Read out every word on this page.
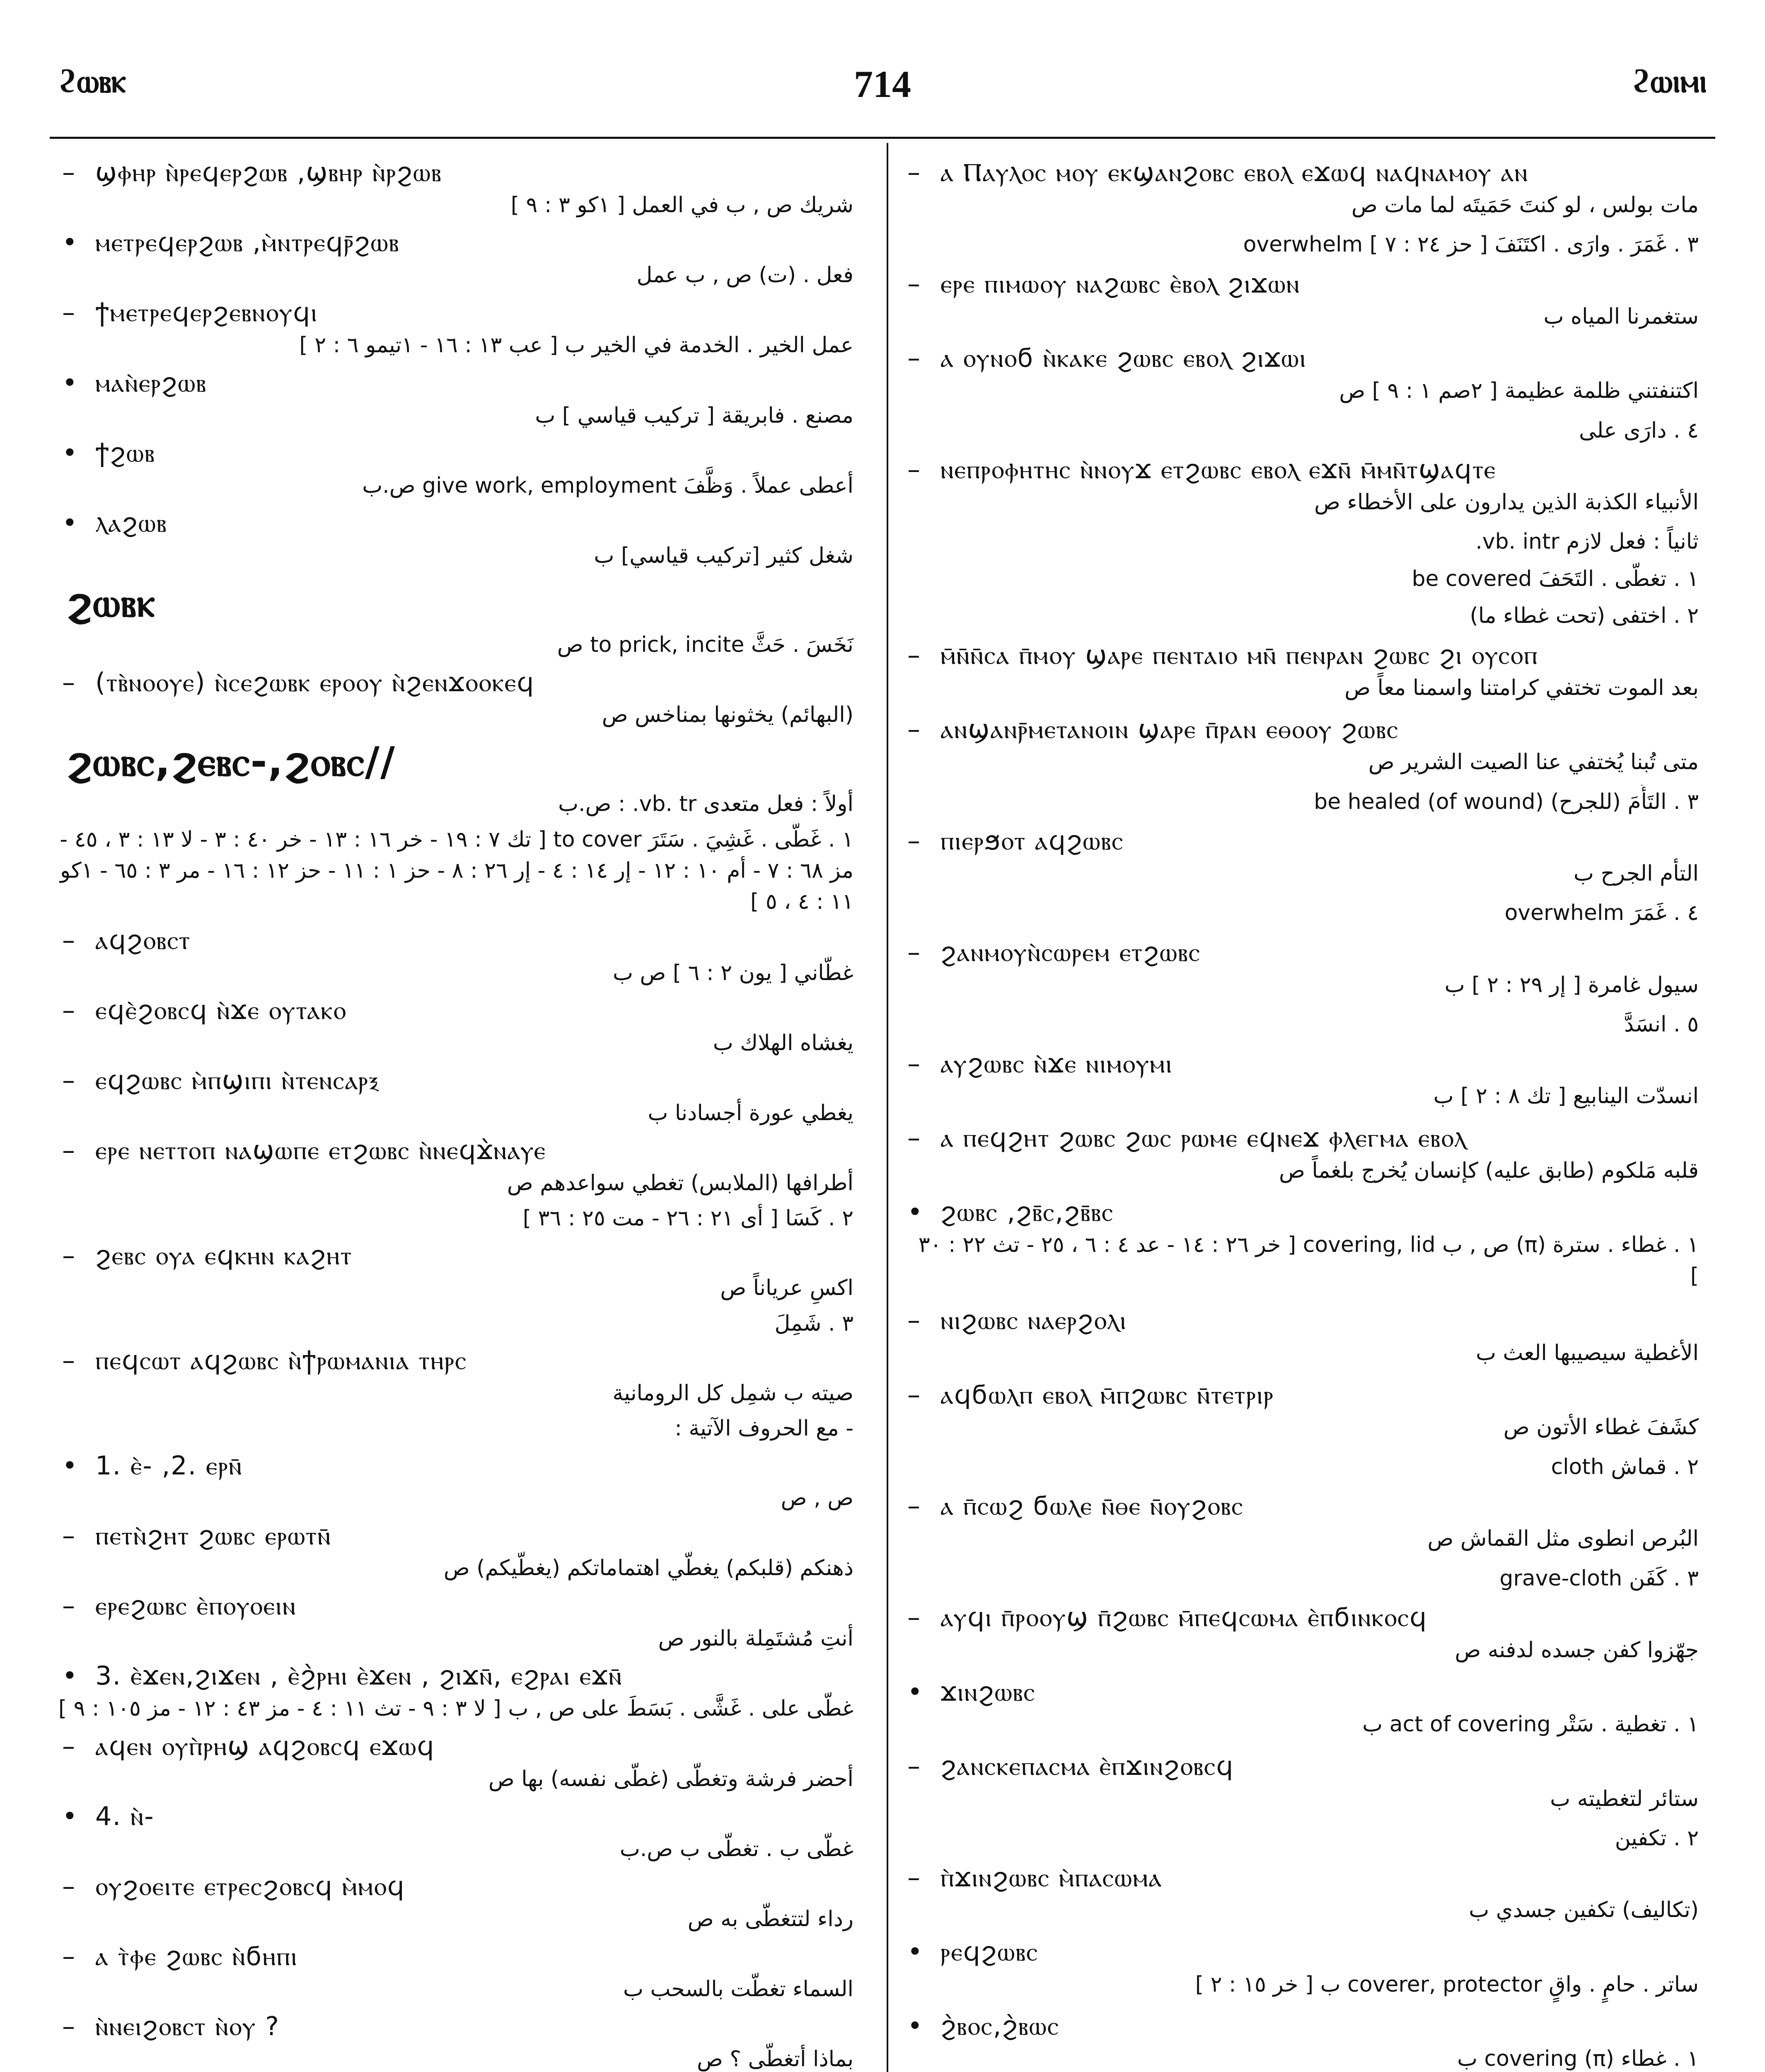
ϩⲱⲃⲕ	714	ϩⲱⲓⲙⲓ
– ϣⲫⲏⲣ ⲛ̀ⲣⲉϥⲉⲣϩⲱⲃ ,ϣⲃⲏⲣ ⲛ̀ⲣϩⲱⲃ
شريك ص , ب في العمل [ ١كو ٣ : ٩ ]
• ⲙⲉⲧⲣⲉϥⲉⲣϩⲱⲃ ,ⲙ̀ⲛⲧⲣⲉϥⲣ̄ϩⲱⲃ
فعل . (ت) ص , ب عمل
– ϯⲙⲉⲧⲣⲉϥⲉⲣϩⲉⲃⲛⲟⲩϥⲓ
عمل الخير . الخدمة في الخير ب [ عب ١٣ : ١٦ - ١تيمو ٦ : ٢ ]
• ⲙⲁⲛ̀ⲉⲣϩⲱⲃ
مصنع . فابريقة [ تركيب قياسي ] ب
• ϯϩⲱⲃ
أعطى عملاً . وَظَّفَ give work, employment ص.ب
• ⲗⲁϩⲱⲃ
شغل كثير [تركيب قياسي] ب
ϩⲱⲃⲕ
نَخَسَ . حَثَّ to prick, incite ص
– (ⲧⲃ̀ⲛⲟⲟⲩⲉ) ⲛ̀ⲥⲉϩⲱⲃⲕ ⲉⲣⲟⲟⲩ ⲛ̀ϩⲉⲛϫⲟⲟⲕⲉϥ
(البهائم) يخثونها بمناخس ص
ϩⲱⲃⲥ,ϩⲉⲃⲥ-,ϩⲟⲃⲥ//
أولاً : فعل متعدى vb. tr. : ص.ب
١ . غَطَّى . غَشِيَ . سَتَرَ to cover [ تك ٧ : ١٩ - خر ١٦ : ١٣ - خر ٤٠ : ٣ - لا ١٣ : ٣ ، ٤٥ - مز ٦٨ : ٧ - أم ١٠ : ١٢ - إر ١٤ : ٤ - إر ٢٦ : ٨ - حز ١ : ١١ - حز ١٢ : ١٦ - مر ٣ : ٦٥ - ١كو ١١ : ٤ ، ٥ ]
– ⲁϥϩⲟⲃⲥⲧ
غطّاني [ يون ٢ : ٦ ] ص ب
– ⲉϥⲉ̀ϩⲟⲃⲥϥ ⲛ̀ϫⲉ ⲟⲩⲧⲁⲕⲟ
يغشاه الهلاك ب
– ⲉϥϩⲱⲃⲥ ⲙ̀ⲡϣⲓⲡⲓ ⲛ̀ⲧⲉⲛⲥⲁⲣⲝ
يغطي عورة أجسادنا ب
– ⲉⲣⲉ ⲛⲉⲧⲧⲟⲡ ⲛⲁϣⲱⲡⲉ ⲉⲧϩⲱⲃⲥ ⲛ̀ⲛⲉϥϫ̀ⲛⲁⲩⲉ
أطرافها (الملابس) تغطي سواعدهم ص
٢ . كَسَا [ أى ٢١ : ٢٦ - مت ٢٥ : ٣٦ ]
– ϩⲉⲃⲥ ⲟⲩⲁ ⲉϥⲕⲏⲛ ⲕⲁϩⲏⲧ
اكسِ عرياناً ص
٣ . شَمِلَ
– ⲡⲉϥⲥⲱⲧ ⲁϥϩⲱⲃⲥ ⲛ̀ϯⲣⲱⲙⲁⲛⲓⲁ ⲧⲏⲣⲥ
صيته ب شمِل كل الرومانية
- مع الحروف الآتية :
• 1. ⲉ̀- ,2. ⲉⲣⲛ̄
ص , ص
– ⲡⲉⲧⲛ̀ϩⲏⲧ ϩⲱⲃⲥ ⲉⲣⲱⲧⲛ̄
ذهنكم (قلبكم) يغطّي اهتماماتكم (يغطّيكم) ص
– ⲉⲣⲉϩⲱⲃⲥ ⲉ̀ⲡⲟⲩⲟⲉⲓⲛ
أنتِ مُشتَمِلة بالنور ص
• 3. ⲉ̀ϫⲉⲛ,ϩⲓϫⲉⲛ , ⲉ̀ϩ̀ⲣⲏⲓ ⲉ̀ϫⲉⲛ , ϩⲓϫⲛ̄, ⲉϩⲣⲁⲓ ⲉϫⲛ̄
غطّى على . غَشَّى . بَسَطَ على ص , ب [ لا ٣ : ٩ - تث ١١ : ٤ - مز ٤٣ : ١٢ - مز ١٠٥ : ٩ ]
– ⲁϥⲉⲛ ⲟⲩⲡ̀ⲣⲏϣ ⲁϥϩⲟⲃⲥϥ ⲉϫⲱϥ
أحضر فرشة وتغطّى (غطّى نفسه) بها ص
• 4. ⲛ̀-
غطّى ب . تغطّى ب ص.ب
– ⲟⲩϩⲟⲉⲓⲧⲉ ⲉⲧⲣⲉⲥϩⲟⲃⲥϥ ⲙ̀ⲙⲟϥ
رداء لتتغطّى به ص
– ⲁ ⲧ̀ⲫⲉ ϩⲱⲃⲥ ⲛ̀ϭⲏⲡⲓ
السماء تغطّت بالسحب ب
– ⲛ̀ⲛⲉⲓϩⲟⲃⲥⲧ ⲛ̀ⲟⲩ ?
بماذا أتغطّى ؟ ص
– ⲁ Ⲡⲁⲩⲗⲟⲥ ⲙⲟⲩ ⲉⲕϣⲁⲛϩⲟⲃⲥ ⲉⲃⲟⲗ ⲉϫⲱϥ ⲛⲁϥⲛⲁⲙⲟⲩ ⲁⲛ
مات بولس ، لو كنتَ حَمَيتَه لما مات ص
٣ . غَمَرَ . وارَى . اكتَنَفَ [ حز ٢٤ : ٧ ] overwhelm
– ⲉⲣⲉ ⲡⲓⲙⲱⲟⲩ ⲛⲁϩⲱⲃⲥ ⲉ̀ⲃⲟⲗ ϩⲓϫⲱⲛ
ستغمرنا المياه ب
– ⲁ ⲟⲩⲛⲟϭ ⲛ̀ⲕⲁⲕⲉ ϩⲱⲃⲥ ⲉⲃⲟⲗ ϩⲓϫⲱⲓ
اكتنفتني ظلمة عظيمة [ ٢صم ١ : ٩ ] ص
٤ . دارَى على
– ⲛⲉⲡⲣⲟⲫⲏⲧⲏⲥ ⲛ̀ⲛⲟⲩϫ ⲉⲧϩⲱⲃⲥ ⲉⲃⲟⲗ ⲉϫⲛ̄ ⲙ̄ⲙⲛ̄ⲧϣⲁϥⲧⲉ
الأنبياء الكذبة الذين يدارون على الأخطاء ص
ثانياً : فعل لازم vb. intr.
١ . تغطّى . التَحَفَ be covered
٢ . اختفى (تحت غطاء ما)
– ⲙ̄ⲛ̄ⲛ̄ⲥⲁ ⲡ̄ⲙⲟⲩ ϣⲁⲣⲉ ⲡⲉⲛⲧⲁⲓⲟ ⲙⲛ̄ ⲡⲉⲛⲣⲁⲛ ϩⲱⲃⲥ ϩⲓ ⲟⲩⲥⲟⲡ
بعد الموت تختفي كرامتنا واسمنا معاً ص
– ⲁⲛϣⲁⲛⲣ̄ⲙⲉⲧⲁⲛⲟⲓⲛ ϣⲁⲣⲉ ⲡ̄ⲣⲁⲛ ⲉⲑⲟⲟⲩ ϩⲱⲃⲥ
متى تُبنا يُختفي عنا الصيت الشرير ص
٣ . التَأَمَ (للجرح) be healed (of wound)
– ⲡⲓⲉⲣϧⲟⲧ ⲁϥϩⲱⲃⲥ
التأم الجرح ب
٤ . غَمَرَ overwhelm
– ϩⲁⲛⲙⲟⲩⲛ̀ⲥⲱⲣⲉⲙ ⲉⲧϩⲱⲃⲥ
سيول غامرة [ إر ٢٩ : ٢ ] ب
٥ . انسَدَّ
– ⲁⲩϩⲱⲃⲥ ⲛ̀ϫⲉ ⲛⲓⲙⲟⲩⲙⲓ
انسدّت الينابيع [ تك ٨ : ٢ ] ب
– ⲁ ⲡⲉϥϩⲏⲧ ϩⲱⲃⲥ ϩⲱⲥ ⲣⲱⲙⲉ ⲉϥⲛⲉϫ ⲫⲗⲉⲅⲙⲁ ⲉⲃⲟⲗ
قلبه مَلكوم (طابق عليه) كإنسان يُخرج بلغماً ص
• ϩⲱⲃⲥ ,ϩⲃ̄ⲥ,ϩⲃ̄ⲃⲥ
١ . غطاء . سترة (π) ص , ب covering, lid [ خر ٢٦ : ١٤ - عد ٤ : ٦ ، ٢٥ - تث ٢٢ : ٣٠ ]
– ⲛⲓϩⲱⲃⲥ ⲛⲁⲉⲣϩⲟⲗⲓ
الأغطية سيصيبها العث ب
– ⲁϥϭⲱⲗⲡ ⲉⲃⲟⲗ ⲙ̄ⲡϩⲱⲃⲥ ⲛ̄ⲧⲉⲧⲣⲓⲣ
كشَفَ غطاء الأتون ص
٢ . قماش cloth
– ⲁ ⲡ̄ⲥⲱϩ ϭⲱⲗⲉ ⲛ̄ⲑⲉ ⲛ̄ⲟⲩϩⲟⲃⲥ
البُرص انطوى مثل القماش ص
٣ . كَفَن grave-cloth
– ⲁⲩϥⲓ ⲡ̄ⲣⲟⲟⲩϣ ⲡ̄ϩⲱⲃⲥ ⲙ̄ⲡⲉϥⲥⲱⲙⲁ ⲉ̀ⲡϭⲓⲛⲕⲟⲥϥ
جهّزوا كفن جسده لدفنه ص
• ϫⲓⲛϩⲱⲃⲥ
١ . تغطية . سَتْر act of covering ب
– ϩⲁⲛⲥⲕⲉⲡⲁⲥⲙⲁ ⲉ̀ⲡϫⲓⲛϩⲟⲃⲥϥ
ستائر لتغطيته ب
٢ . تكفين
– ⲡ̀ϫⲓⲛϩⲱⲃⲥ ⲙ̀ⲡⲁⲥⲱⲙⲁ
(تكاليف) تكفين جسدي ب
• ⲣⲉϥϩⲱⲃⲥ
ساتر . حامٍ . واقٍ coverer, protector ب [ خر ١٥ : ٢ ]
• ϩ̀ⲃⲟⲥ,ϩ̀ⲃⲱⲥ
١ . غطاء covering (π) ب
